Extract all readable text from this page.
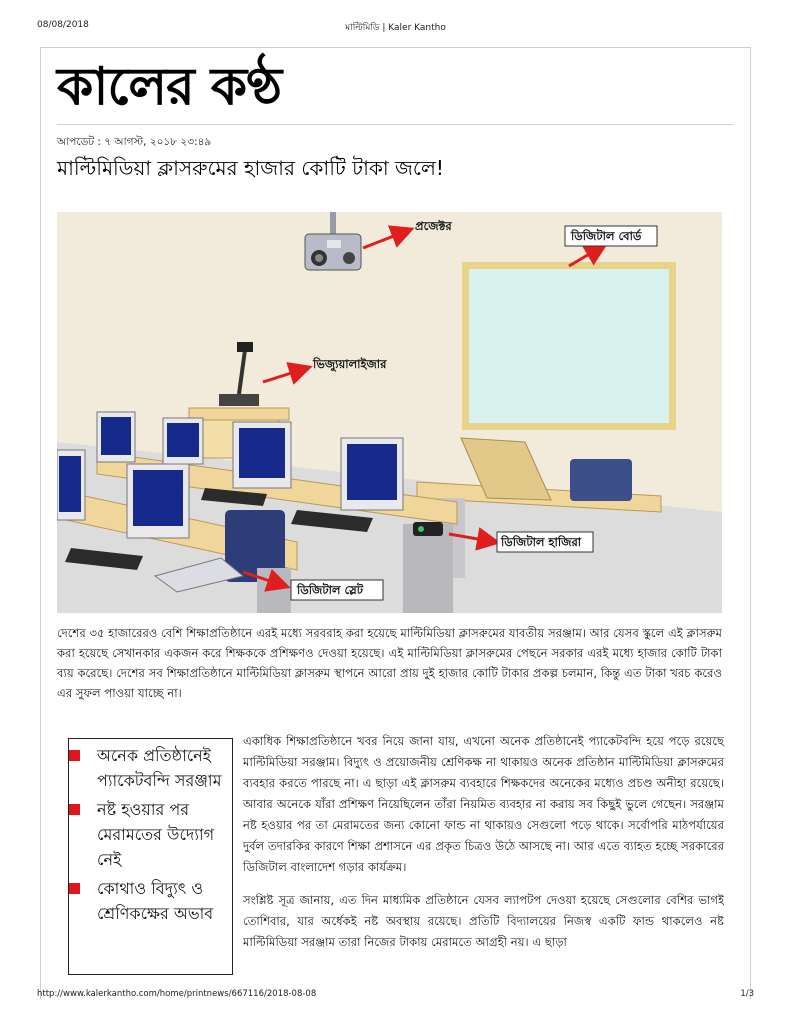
08/08/2018	মাল্টিমিডি | Kaler Kantho
কালের কণ্ঠ
আপডেট : ৭ আগস্ট, ২০১৮ ২৩:৪৯
মাল্টিমিডিয়া ক্লাসরুমের হাজার কোটি টাকা জলে!
প্রজেক্টর
ডিজিটাল বোর্ড
ভিজ্যুয়ালাইজার
ডিজিটাল হাজিরা
ডিজিটাল স্লেট

দেশের ৩৫ হাজারেরও বেশি শিক্ষাপ্রতিষ্ঠানে এরই মধ্যে সরবরাহ করা হয়েছে মাল্টিমিডিয়া ক্লাসরুমের যাবতীয় সরঞ্জাম। আর যেসব স্কুলে এই ক্লাসরুম করা হয়েছে সেখানকার একজন করে শিক্ষককে প্রশিক্ষণও দেওয়া হয়েছে। এই মাল্টিমিডিয়া ক্লাসরুমের পেছনে সরকার এরই মধ্যে হাজার কোটি টাকা ব্যয় করেছে। দেশের সব শিক্ষাপ্রতিষ্ঠানে মাল্টিমিডিয়া ক্লাসরুম স্থাপনে আরো প্রায় দুই হাজার কোটি টাকার প্রকল্প চলমান, কিন্তু এত টাকা খরচ করেও এর সুফল পাওয়া যাচ্ছে না।

অনেক প্রতিষ্ঠানেই প্যাকেটবন্দি সরঞ্জাম
নষ্ট হওয়ার পর মেরামতের উদ্যোগ নেই
কোথাও বিদ্যুৎ ও শ্রেণিকক্ষের অভাব

একাধিক শিক্ষাপ্রতিষ্ঠানে খবর নিয়ে জানা যায়, এখনো অনেক প্রতিষ্ঠানেই প্যাকেটবন্দি হয়ে পড়ে রয়েছে মাল্টিমিডিয়া সরঞ্জাম। বিদ্যুৎ ও প্রয়োজনীয় শ্রেণিকক্ষ না থাকায়ও অনেক প্রতিষ্ঠান মাল্টিমিডিয়া ক্লাসরুমের ব্যবহার করতে পারছে না। এ ছাড়া এই ক্লাসরুম ব্যবহারে শিক্ষকদের অনেকের মধ্যেও প্রচণ্ড অনীহা রয়েছে। আবার অনেকে যাঁরা প্রশিক্ষণ নিয়েছিলেন তাঁরা নিয়মিত ব্যবহার না করায় সব কিছুই ভুলে গেছেন। সরঞ্জাম নষ্ট হওয়ার পর তা মেরামতের জন্য কোনো ফান্ড না থাকায়ও সেগুলো পড়ে থাকে। সর্বোপরি মাঠপর্যায়ের দুর্বল তদারকির কারণে শিক্ষা প্রশাসনে এর প্রকৃত চিত্রও উঠে আসছে না। আর এতে ব্যাহত হচ্ছে সরকারের ডিজিটাল বাংলাদেশ গড়ার কার্যক্রম।

সংশ্লিষ্ট সূত্র জানায়, এত দিন মাধ্যমিক প্রতিষ্ঠানে যেসব ল্যাপটপ দেওয়া হয়েছে সেগুলোর বেশির ভাগই তোশিবার, যার অর্ধেকই নষ্ট অবস্থায় রয়েছে। প্রতিটি বিদ্যালয়ের নিজস্ব একটি ফান্ড থাকলেও নষ্ট মাল্টিমিডিয়া সরঞ্জাম তারা নিজের টাকায় মেরামতে আগ্রহী নয়। এ ছাড়া

http://www.kalerkantho.com/home/printnews/667116/2018-08-08	1/3
